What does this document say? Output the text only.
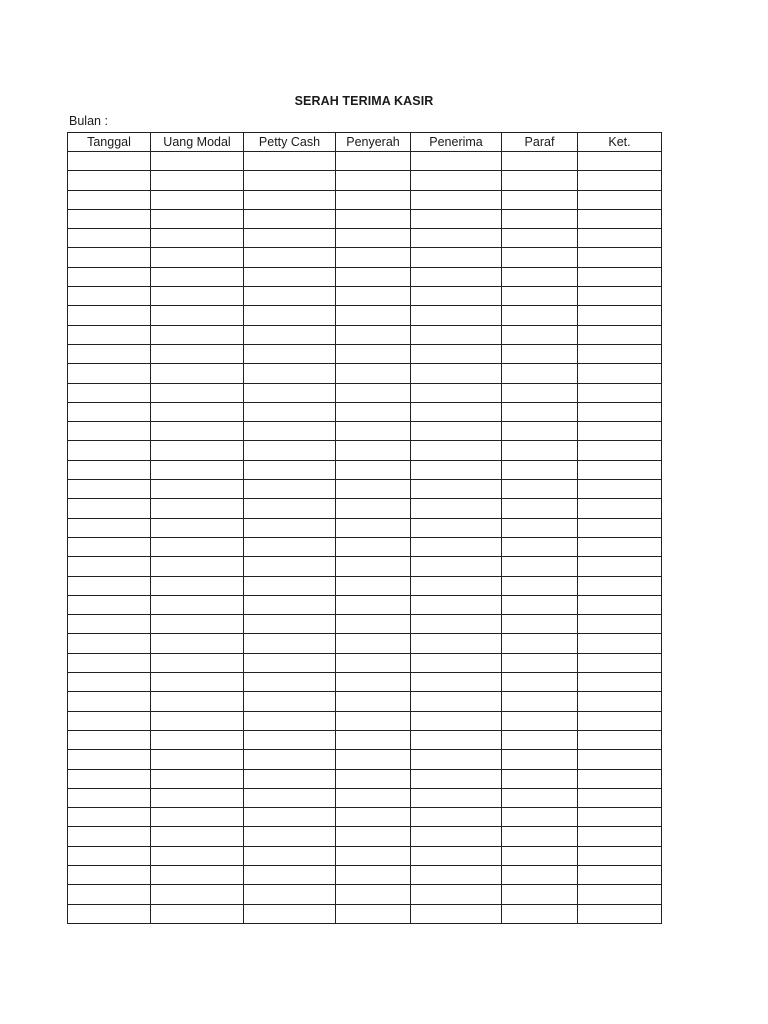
SERAH TERIMA KASIR
Bulan :
Tanggal	Uang Modal	Petty Cash	Penyerah	Penerima	Paraf	Ket.
